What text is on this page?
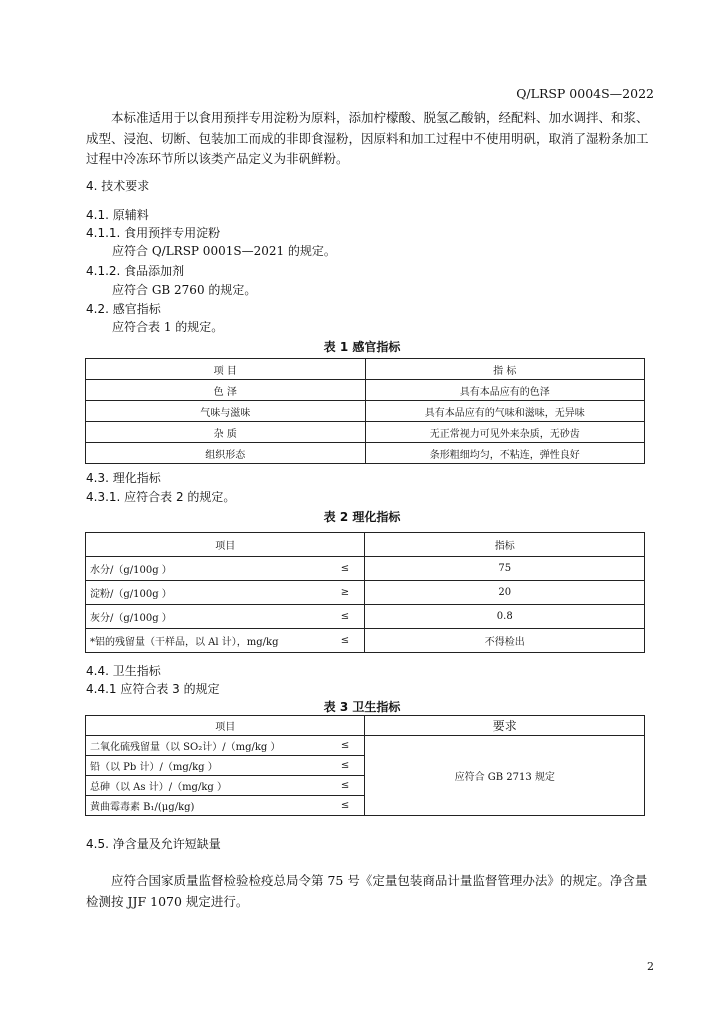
Q/LRSP 0004S—2022
本标准适用于以食用预拌专用淀粉为原料，添加柠檬酸、脱氢乙酸钠，经配料、加水调拌、和浆、成型、浸泡、切断、包装加工而成的非即食湿粉，因原料和加工过程中不使用明矾，取消了湿粉条加工过程中冷冻环节所以该类产品定义为非矾鲜粉。
4. 技术要求
4.1. 原辅料
4.1.1. 食用预拌专用淀粉
应符合 Q/LRSP 0001S—2021 的规定。
4.1.2. 食品添加剂
应符合 GB 2760 的规定。
4.2. 感官指标
应符合表 1 的规定。
表 1 感官指标
项 目	指 标
色 泽	具有本品应有的色泽
气味与滋味	具有本品应有的气味和滋味，无异味
杂 质	无正常视力可见外来杂质，无砂齿
组织形态	条形粗细均匀，不粘连，弹性良好
4.3. 理化指标
4.3.1. 应符合表 2 的规定。
表 2 理化指标
项目		指标
水分/（g/100g ）	≤	75
淀粉/（g/100g ）	≥	20
灰分/（g/100g ）	≤	0.8
*铝的残留量（干样品，以 Al 计），mg/kg	≤	不得检出
4.4. 卫生指标
4.4.1 应符合表 3 的规定
表 3 卫生指标
项目		要求
二氧化硫残留量（以 SO₂计）/（mg/kg ）	≤	应符合 GB 2713 规定
铅（以 Pb 计）/（mg/kg ）	≤	
总砷（以 As 计）/（mg/kg ）	≤	
黄曲霉毒素 B₁/(μg/kg)	≤	
4.5. 净含量及允许短缺量
应符合国家质量监督检验检疫总局令第 75 号《定量包装商品计量监督管理办法》的规定。净含量检测按 JJF 1070 规定进行。
2
